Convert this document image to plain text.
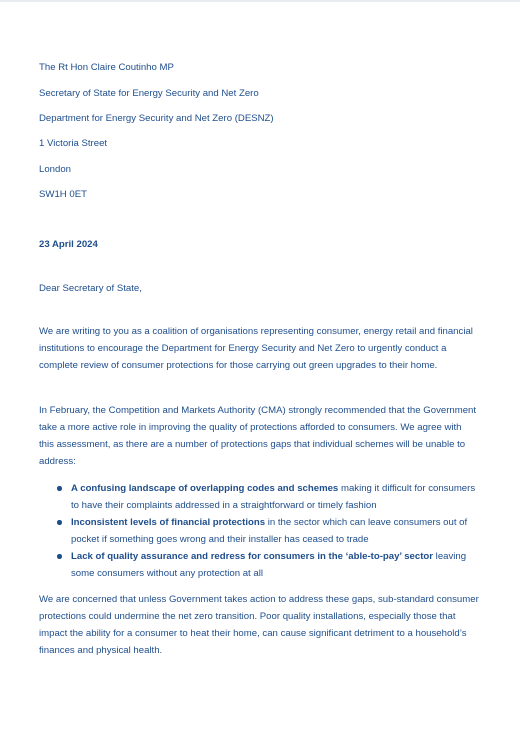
The Rt Hon Claire Coutinho MP
Secretary of State for Energy Security and Net Zero
Department for Energy Security and Net Zero (DESNZ)
1 Victoria Street
London
SW1H 0ET
23 April 2024
Dear Secretary of State,

We are writing to you as a coalition of organisations representing consumer, energy retail and financial institutions to encourage the Department for Energy Security and Net Zero to urgently conduct a complete review of consumer protections for those carrying out green upgrades to their home.

In February, the Competition and Markets Authority (CMA) strongly recommended that the Government take a more active role in improving the quality of protections afforded to consumers. We agree with this assessment, as there are a number of protections gaps that individual schemes will be unable to address:

A confusing landscape of overlapping codes and schemes making it difficult for consumers to have their complaints addressed in a straightforward or timely fashion
Inconsistent levels of financial protections in the sector which can leave consumers out of pocket if something goes wrong and their installer has ceased to trade
Lack of quality assurance and redress for consumers in the ‘able-to-pay’ sector leaving some consumers without any protection at all

We are concerned that unless Government takes action to address these gaps, sub-standard consumer protections could undermine the net zero transition. Poor quality installations, especially those that impact the ability for a consumer to heat their home, can cause significant detriment to a household’s finances and physical health.
